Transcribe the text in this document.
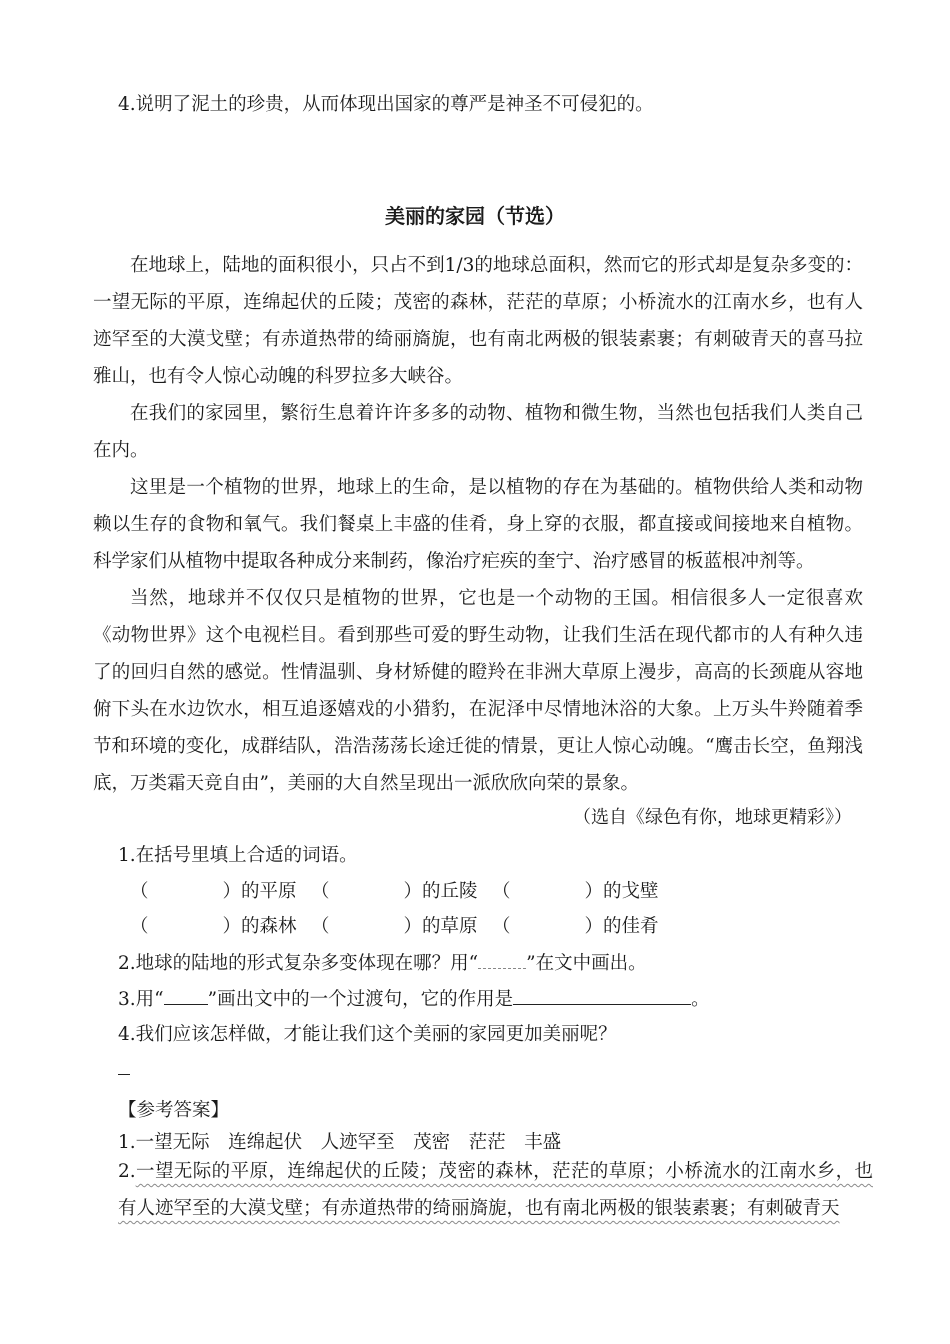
4.说明了泥土的珍贵，从而体现出国家的尊严是神圣不可侵犯的。
美丽的家园（节选）
在地球上，陆地的面积很小，只占不到1/3的地球总面积，然而它的形式却是复杂多变的：一望无际的平原，连绵起伏的丘陵；茂密的森林，茫茫的草原；小桥流水的江南水乡，也有人迹罕至的大漠戈壁；有赤道热带的绮丽旖旎，也有南北两极的银装素裹；有刺破青天的喜马拉雅山，也有令人惊心动魄的科罗拉多大峡谷。
在我们的家园里，繁衍生息着许许多多的动物、植物和微生物，当然也包括我们人类自己在内。
这里是一个植物的世界，地球上的生命，是以植物的存在为基础的。植物供给人类和动物赖以生存的食物和氧气。我们餐桌上丰盛的佳肴，身上穿的衣服，都直接或间接地来自植物。科学家们从植物中提取各种成分来制药，像治疗疟疾的奎宁、治疗感冒的板蓝根冲剂等。
当然，地球并不仅仅只是植物的世界，它也是一个动物的王国。相信很多人一定很喜欢《动物世界》这个电视栏目。看到那些可爱的野生动物，让我们生活在现代都市的人有种久违了的回归自然的感觉。性情温驯、身材矫健的瞪羚在非洲大草原上漫步，高高的长颈鹿从容地俯下头在水边饮水，相互追逐嬉戏的小猎豹，在泥泽中尽情地沐浴的大象。上万头牛羚随着季节和环境的变化，成群结队，浩浩荡荡长途迁徙的情景，更让人惊心动魄。“鹰击长空，鱼翔浅底，万类霜天竞自由”，美丽的大自然呈现出一派欣欣向荣的景象。
（选自《绿色有你，地球更精彩》）
1.在括号里填上合适的词语。
（　　　　）的平原 （　　　　）的丘陵 （　　　　）的戈壁
（　　　　）的森林 （　　　　）的草原 （　　　　）的佳肴
2.地球的陆地的形式复杂多变体现在哪？用“	”在文中画出。
3.用“ ”画出文中的一个过渡句，它的作用是	。
4.我们应该怎样做，才能让我们这个美丽的家园更加美丽呢？
【参考答案】
1.一望无际　连绵起伏　人迹罕至　茂密　茫茫　丰盛
2.一望无际的平原，连绵起伏的丘陵；茂密的森林，茫茫的草原；小桥流水的江南水乡，也有人迹罕至的大漠戈壁；有赤道热带的绮丽旖旎，也有南北两极的银装素裹；有刺破青天
